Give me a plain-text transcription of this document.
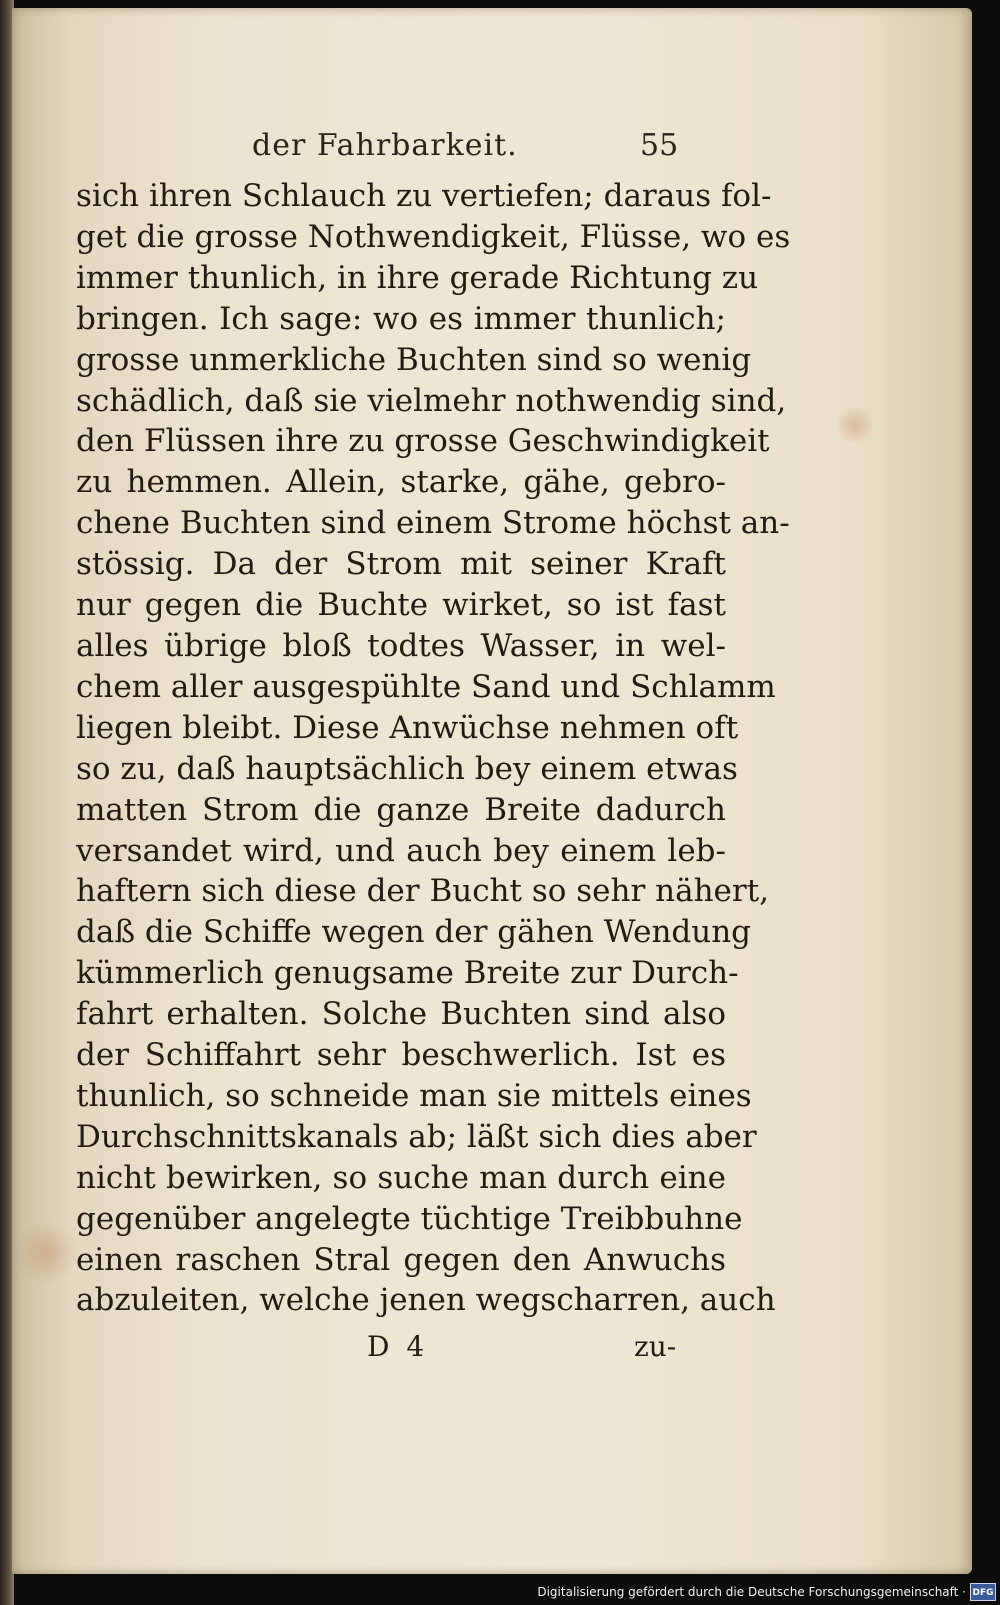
der Fahrbarkeit.	55
sich ihren Schlauch zu vertiefen; daraus fol-
get die grosse Nothwendigkeit, Flüsse, wo es
immer thunlich, in ihre gerade Richtung zu
bringen. Ich sage: wo es immer thunlich;
grosse unmerkliche Buchten sind so wenig
schädlich, daß sie vielmehr nothwendig sind,
den Flüssen ihre zu grosse Geschwindigkeit
zu hemmen. Allein, starke, gähe, gebro-
chene Buchten sind einem Strome höchst an-
stössig. Da der Strom mit seiner Kraft
nur gegen die Buchte wirket, so ist fast
alles übrige bloß todtes Wasser, in wel-
chem aller ausgespühlte Sand und Schlamm
liegen bleibt. Diese Anwüchse nehmen oft
so zu, daß hauptsächlich bey einem etwas
matten Strom die ganze Breite dadurch
versandet wird, und auch bey einem leb-
haftern sich diese der Bucht so sehr nähert,
daß die Schiffe wegen der gähen Wendung
kümmerlich genugsame Breite zur Durch-
fahrt erhalten. Solche Buchten sind also
der Schiffahrt sehr beschwerlich. Ist es
thunlich, so schneide man sie mittels eines
Durchschnittskanals ab; läßt sich dies aber
nicht bewirken, so suche man durch eine
gegenüber angelegte tüchtige Treibbuhne
einen raschen Stral gegen den Anwuchs
abzuleiten, welche jenen wegscharren, auch
D 4	zu-
Digitalisierung gefördert durch die Deutsche Forschungsgemeinschaft · DFG
